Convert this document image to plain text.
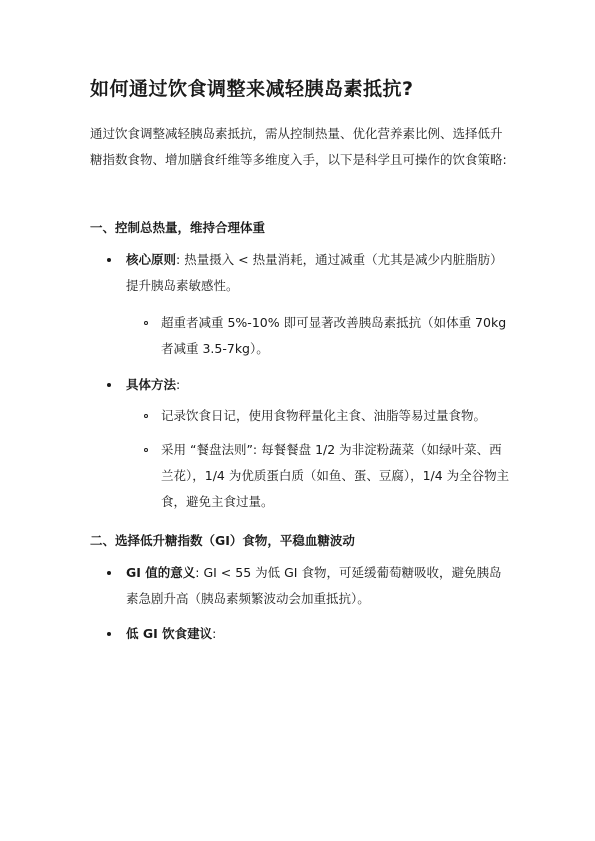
如何通过饮食调整来减轻胰岛素抵抗?

通过饮食调整减轻胰岛素抵抗，需从控制热量、优化营养素比例、选择低升糖指数食物、增加膳食纤维等多维度入手，以下是科学且可操作的饮食策略:

一、控制总热量，维持合理体重
核心原则: 热量摄入 < 热量消耗，通过减重（尤其是减少内脏脂肪）提升胰岛素敏感性。
超重者减重 5%-10% 即可显著改善胰岛素抵抗（如体重 70kg 者减重 3.5-7kg）。
具体方法:
记录饮食日记，使用食物秤量化主食、油脂等易过量食物。
采用 “餐盘法则”: 每餐餐盘 1/2 为非淀粉蔬菜（如绿叶菜、西兰花），1/4 为优质蛋白质（如鱼、蛋、豆腐），1/4 为全谷物主食，避免主食过量。
二、选择低升糖指数（GI）食物，平稳血糖波动
GI 值的意义: GI < 55 为低 GI 食物，可延缓葡萄糖吸收，避免胰岛素急剧升高（胰岛素频繁波动会加重抵抗）。
低 GI 饮食建议:
